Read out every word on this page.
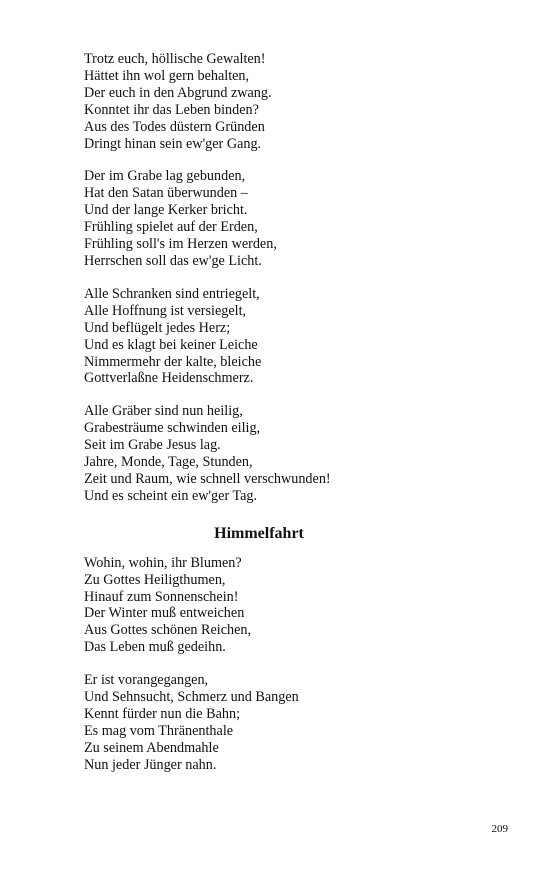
Trotz euch, höllische Gewalten!
Hättet ihn wol gern behalten,
Der euch in den Abgrund zwang.
Konntet ihr das Leben binden?
Aus des Todes düstern Gründen
Dringt hinan sein ew'ger Gang.
Der im Grabe lag gebunden,
Hat den Satan überwunden –
Und der lange Kerker bricht.
Frühling spielet auf der Erden,
Frühling soll's im Herzen werden,
Herrschen soll das ew'ge Licht.
Alle Schranken sind entriegelt,
Alle Hoffnung ist versiegelt,
Und beflügelt jedes Herz;
Und es klagt bei keiner Leiche
Nimmermehr der kalte, bleiche
Gottverlaßne Heidenschmerz.
Alle Gräber sind nun heilig,
Grabesträume schwinden eilig,
Seit im Grabe Jesus lag.
Jahre, Monde, Tage, Stunden,
Zeit und Raum, wie schnell verschwunden!
Und es scheint ein ew'ger Tag.
Himmelfahrt
Wohin, wohin, ihr Blumen?
Zu Gottes Heiligthumen,
Hinauf zum Sonnenschein!
Der Winter muß entweichen
Aus Gottes schönen Reichen,
Das Leben muß gedeihn.
Er ist vorangegangen,
Und Sehnsucht, Schmerz und Bangen
Kennt fürder nun die Bahn;
Es mag vom Thränenthale
Zu seinem Abendmahle
Nun jeder Jünger nahn.
209
